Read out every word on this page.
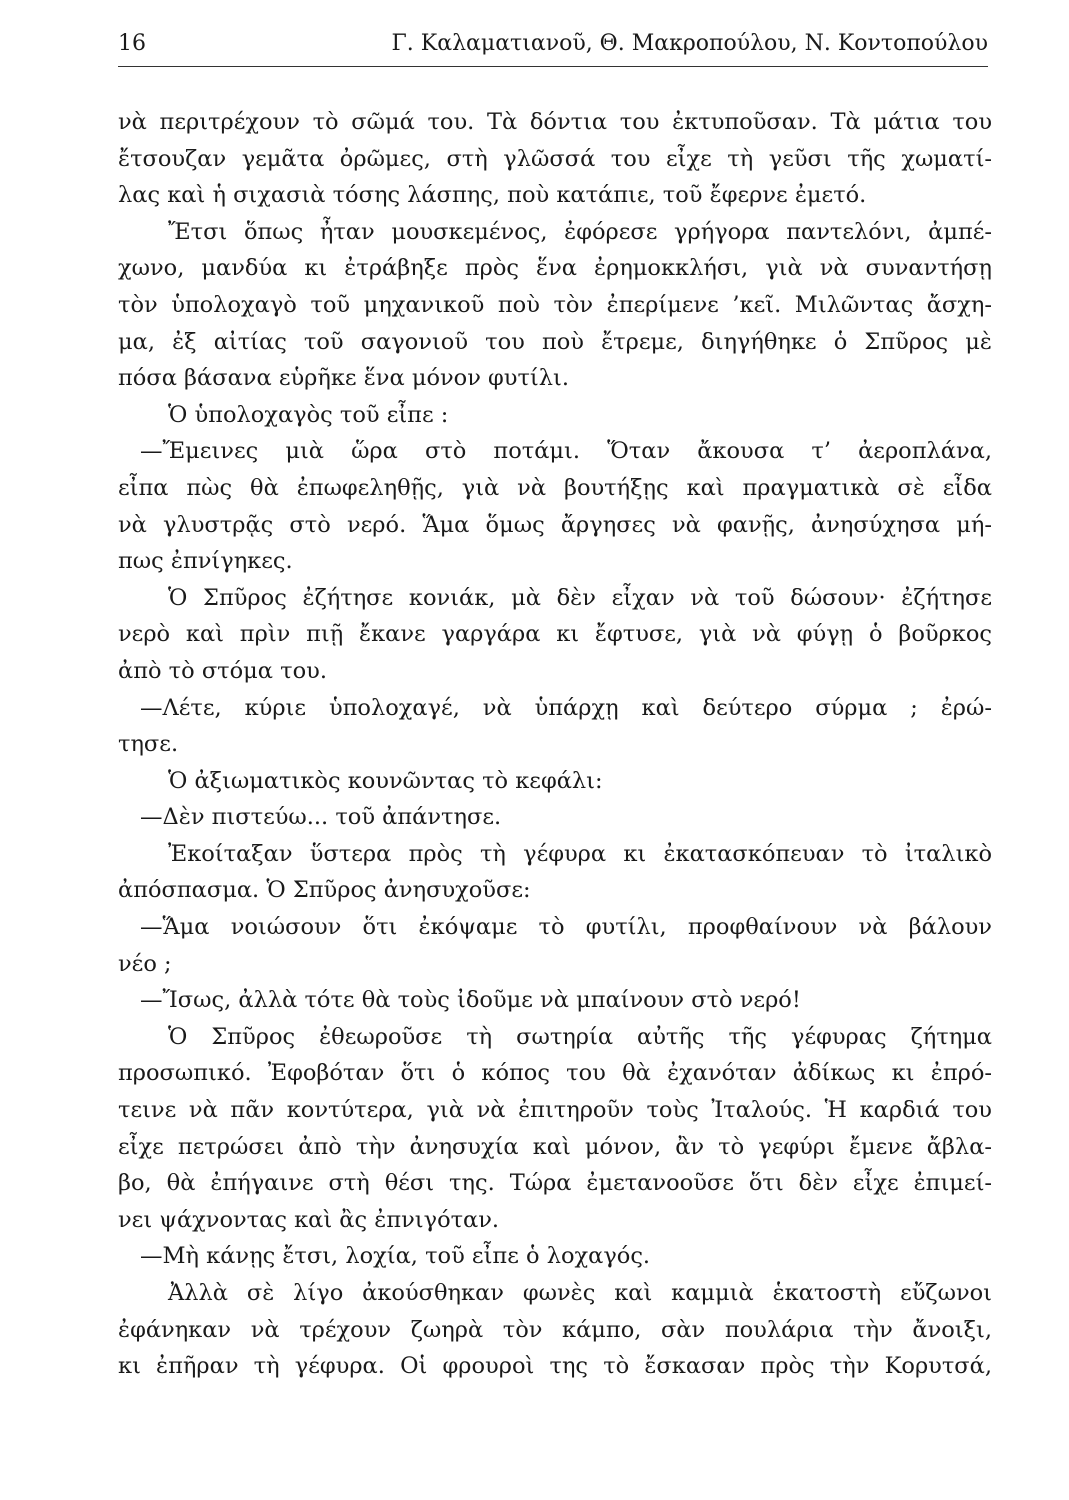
16	Γ. Καλαματιανοῦ, Θ. Μακροπούλου, Ν. Κοντοπούλου
νὰ περιτρέχουν τὸ σῶμά του. Τὰ δόντια του ἐκτυποῦσαν. Τὰ μάτια του
ἔτσουζαν γεμᾶτα ὀρῶμες, στὴ γλῶσσά του εἶχε τὴ γεῦσι τῆς χωματί-
λας καὶ ἡ σιχασιὰ τόσης λάσπης, ποὺ κατάπιε, τοῦ ἔφερνε ἐμετό.
Ἔτσι ὅπως ἦταν μουσκεμένος, ἐφόρεσε γρήγορα παντελόνι, ἀμπέ-
χωνο, μανδύα κι ἐτράβηξε πρὸς ἕνα ἐρημοκκλήσι, γιὰ νὰ συναντήσῃ
τὸν ὑπολοχαγὸ τοῦ μηχανικοῦ ποὺ τὸν ἐπερίμενε ’κεῖ. Μιλῶντας ἄσχη-
μα, ἐξ αἰτίας τοῦ σαγονιοῦ του ποὺ ἔτρεμε, διηγήθηκε ὁ Σπῦρος μὲ
πόσα βάσανα εὑρῆκε ἕνα μόνον φυτίλι.
Ὁ ὑπολοχαγὸς τοῦ εἶπε :
—Ἔμεινες μιὰ ὥρα στὸ ποτάμι. Ὅταν ἄκουσα τ’ ἀεροπλάνα,
εἶπα πὼς θὰ ἐπωφεληθῇς, γιὰ νὰ βουτήξῃς καὶ πραγματικὰ σὲ εἶδα
νὰ γλυστρᾷς στὸ νερό. Ἅμα ὅμως ἄργησες νὰ φανῇς, ἀνησύχησα μή-
πως ἐπνίγηκες.
Ὁ Σπῦρος ἐζήτησε κονιάκ, μὰ δὲν εἶχαν νὰ τοῦ δώσουν· ἐζήτησε
νερὸ καὶ πρὶν πιῇ ἔκανε γαργάρα κι ἔφτυσε, γιὰ νὰ φύγῃ ὁ βοῦρκος
ἀπὸ τὸ στόμα του.
—Λέτε, κύριε ὑπολοχαγέ, νὰ ὑπάρχῃ καὶ δεύτερο σύρμα ; ἐρώ-
τησε.
Ὁ ἀξιωματικὸς κουνῶντας τὸ κεφάλι:
—Δὲν πιστεύω... τοῦ ἀπάντησε.
Ἐκοίταξαν ὕστερα πρὸς τὴ γέφυρα κι ἐκατασκόπευαν τὸ ἰταλικὸ
ἀπόσπασμα. Ὁ Σπῦρος ἀνησυχοῦσε:
—Ἅμα νοιώσουν ὅτι ἐκόψαμε τὸ φυτίλι, προφθαίνουν νὰ βάλουν
νέο ;
—Ἴσως, ἀλλὰ τότε θὰ τοὺς ἰδοῦμε νὰ μπαίνουν στὸ νερό!
Ὁ Σπῦρος ἐθεωροῦσε τὴ σωτηρία αὐτῆς τῆς γέφυρας ζήτημα
προσωπικό. Ἐφοβόταν ὅτι ὁ κόπος του θὰ ἐχανόταν ἀδίκως κι ἐπρό-
τεινε νὰ πᾶν κοντύτερα, γιὰ νὰ ἐπιτηροῦν τοὺς Ἰταλούς. Ἡ καρδιά του
εἶχε πετρώσει ἀπὸ τὴν ἀνησυχία καὶ μόνον, ἂν τὸ γεφύρι ἔμενε ἄβλα-
βο, θὰ ἐπήγαινε στὴ θέσι της. Τώρα ἐμετανοοῦσε ὅτι δὲν εἶχε ἐπιμεί-
νει ψάχνοντας καὶ ἂς ἐπνιγόταν.
—Μὴ κάνῃς ἔτσι, λοχία, τοῦ εἶπε ὁ λοχαγός.
Ἀλλὰ σὲ λίγο ἀκούσθηκαν φωνὲς καὶ καμμιὰ ἑκατοστὴ εὔζωνοι
ἐφάνηκαν νὰ τρέχουν ζωηρὰ τὸν κάμπο, σὰν πουλάρια τὴν ἄνοιξι,
κι ἐπῆραν τὴ γέφυρα. Οἱ φρουροὶ της τὸ ἔσκασαν πρὸς τὴν Κορυτσά,
